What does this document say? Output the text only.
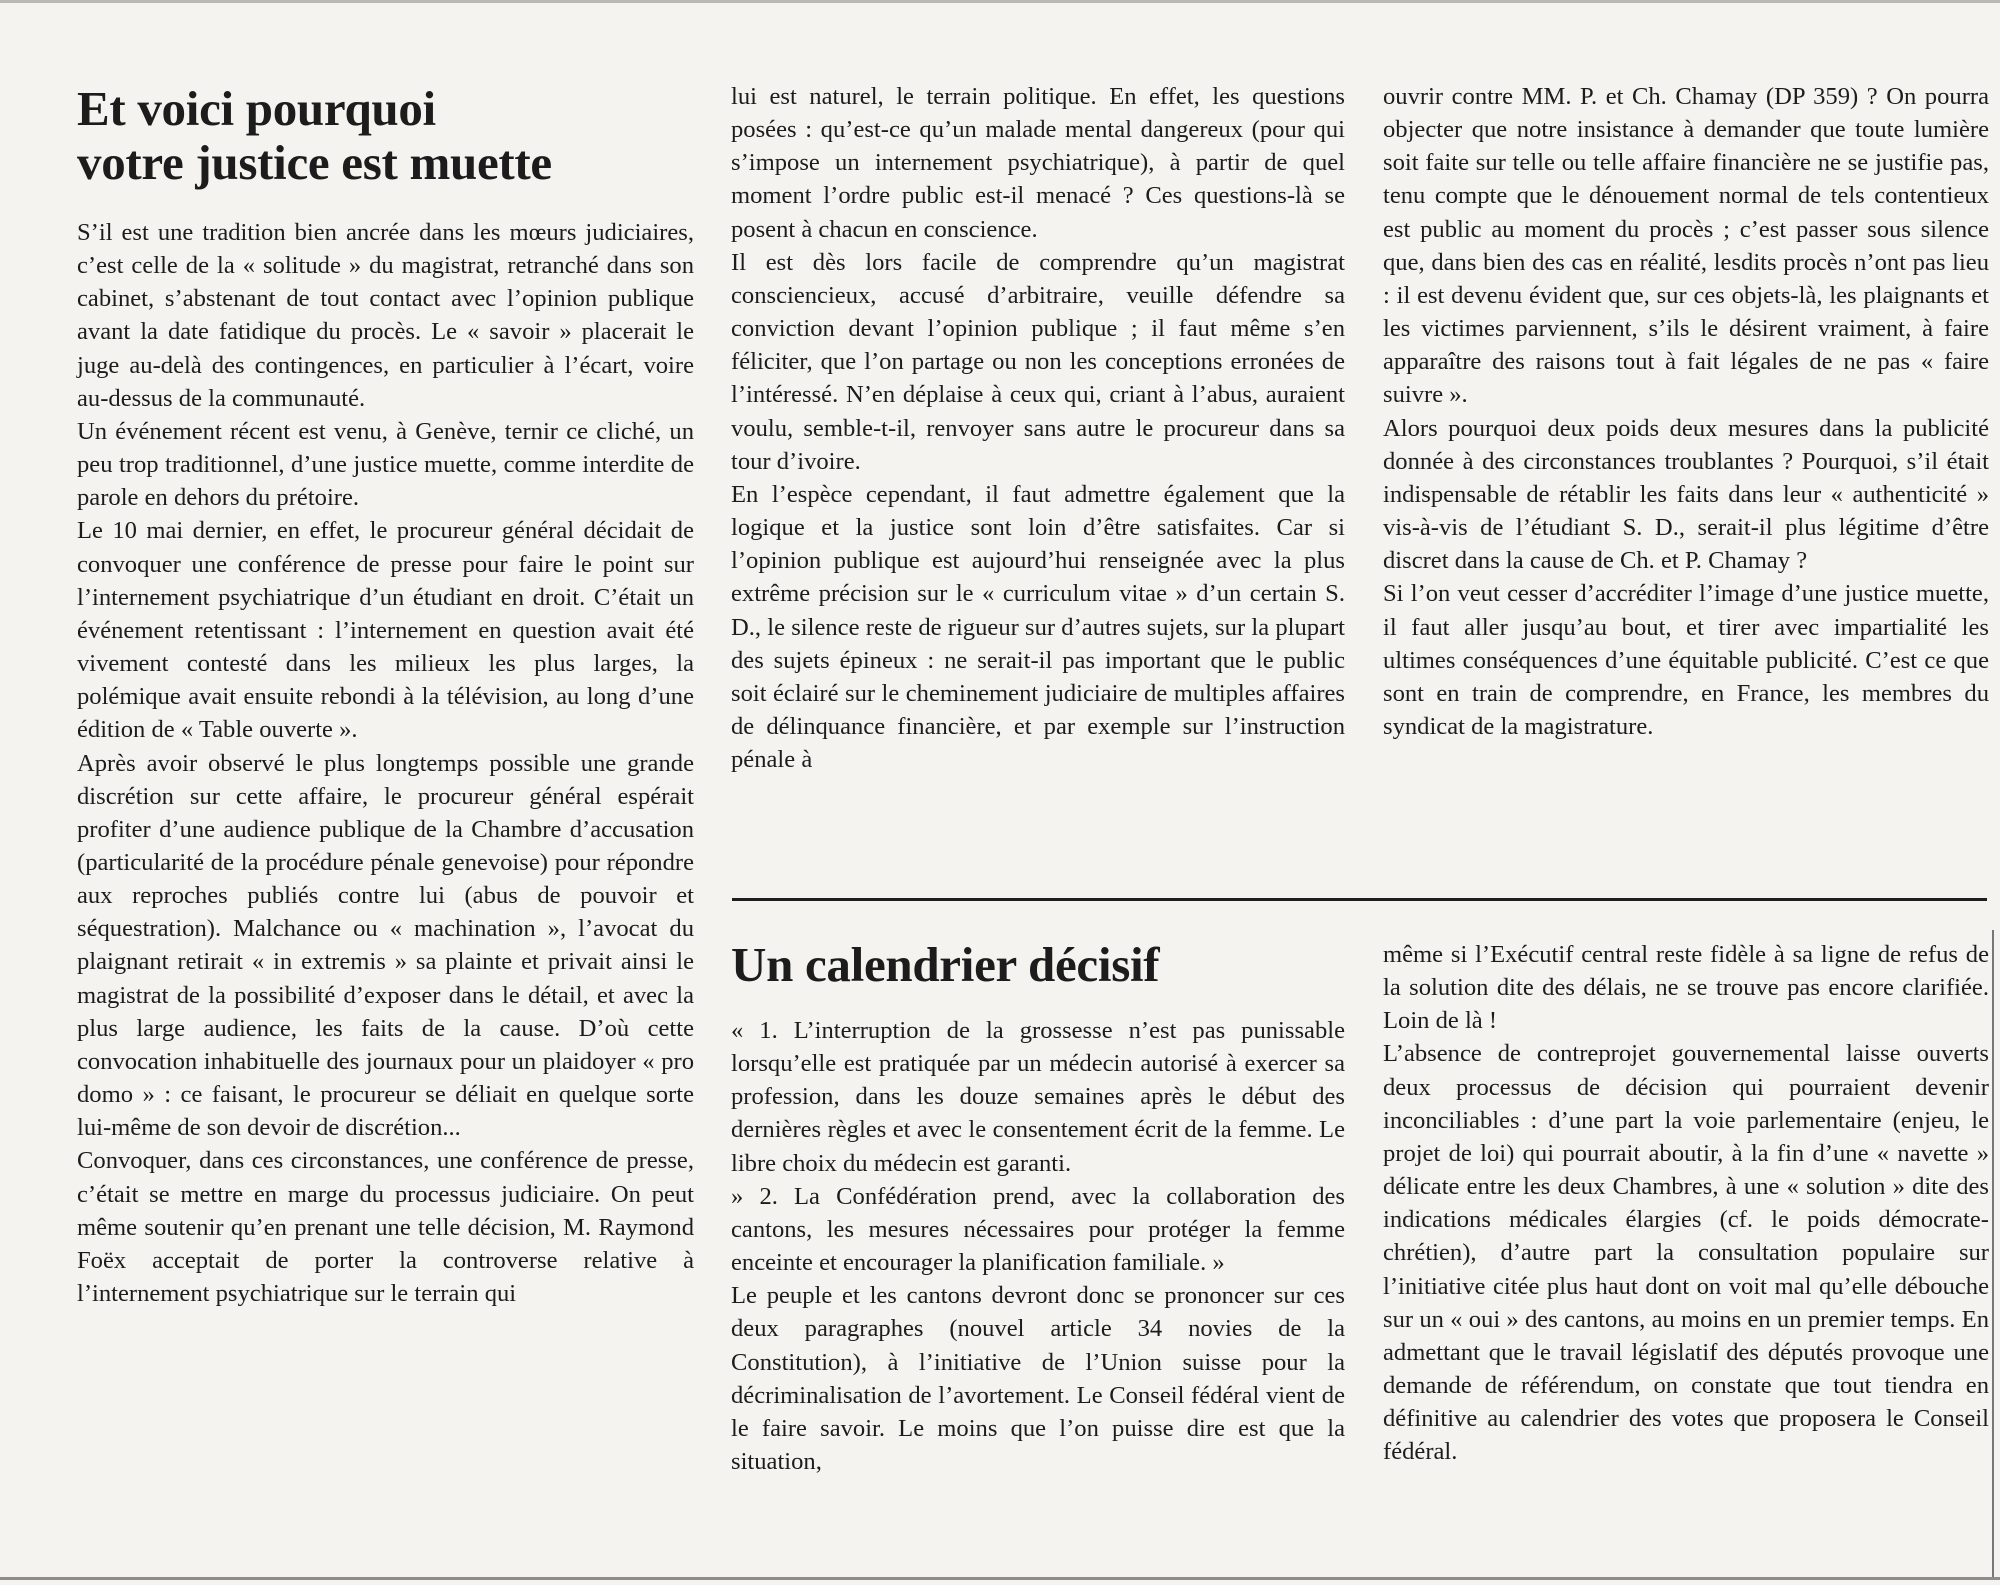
Et voici pourquoi
votre justice est muette

S’il est une tradition bien ancrée dans les mœurs judiciaires, c’est celle de la « solitude » du magistrat, retranché dans son cabinet, s’abstenant de tout contact avec l’opinion publique avant la date fatidique du procès. Le « savoir » placerait le juge au-delà des contingences, en particulier à l’écart, voire au-dessus de la communauté.

Un événement récent est venu, à Genève, ternir ce cliché, un peu trop traditionnel, d’une justice muette, comme interdite de parole en dehors du prétoire.

Le 10 mai dernier, en effet, le procureur général décidait de convoquer une conférence de presse pour faire le point sur l’internement psychiatrique d’un étudiant en droit. C’était un événement retentissant : l’internement en question avait été vivement contesté dans les milieux les plus larges, la polémique avait ensuite rebondi à la télévision, au long d’une édition de « Table ouverte ».

Après avoir observé le plus longtemps possible une grande discrétion sur cette affaire, le procureur général espérait profiter d’une audience publique de la Chambre d’accusation (particularité de la procédure pénale genevoise) pour répondre aux reproches publiés contre lui (abus de pouvoir et séquestration). Malchance ou « machination », l’avocat du plaignant retirait « in extremis » sa plainte et privait ainsi le magistrat de la possibilité d’exposer dans le détail, et avec la plus large audience, les faits de la cause. D’où cette convocation inhabituelle des journaux pour un plaidoyer « pro domo » : ce faisant, le procureur se déliait en quelque sorte lui-même de son devoir de discrétion...

Convoquer, dans ces circonstances, une conférence de presse, c’était se mettre en marge du processus judiciaire. On peut même soutenir qu’en prenant une telle décision, M. Raymond Foëx acceptait de porter la controverse relative à l’internement psychiatrique sur le terrain qui

lui est naturel, le terrain politique. En effet, les questions posées : qu’est-ce qu’un malade mental dangereux (pour qui s’impose un internement psychiatrique), à partir de quel moment l’ordre public est-il menacé ? Ces questions-là se posent à chacun en conscience.

Il est dès lors facile de comprendre qu’un magistrat consciencieux, accusé d’arbitraire, veuille défendre sa conviction devant l’opinion publique ; il faut même s’en féliciter, que l’on partage ou non les conceptions erronées de l’intéressé. N’en déplaise à ceux qui, criant à l’abus, auraient voulu, semble-t-il, renvoyer sans autre le procureur dans sa tour d’ivoire.

En l’espèce cependant, il faut admettre également que la logique et la justice sont loin d’être satisfaites. Car si l’opinion publique est aujourd’hui renseignée avec la plus extrême précision sur le « curriculum vitae » d’un certain S. D., le silence reste de rigueur sur d’autres sujets, sur la plupart des sujets épineux : ne serait-il pas important que le public soit éclairé sur le cheminement judiciaire de multiples affaires de délinquance financière, et par exemple sur l’instruction pénale à

ouvrir contre MM. P. et Ch. Chamay (DP 359) ? On pourra objecter que notre insistance à demander que toute lumière soit faite sur telle ou telle affaire financière ne se justifie pas, tenu compte que le dénouement normal de tels contentieux est public au moment du procès ; c’est passer sous silence que, dans bien des cas en réalité, lesdits procès n’ont pas lieu : il est devenu évident que, sur ces objets-là, les plaignants et les victimes parviennent, s’ils le désirent vraiment, à faire apparaître des raisons tout à fait légales de ne pas « faire suivre ».

Alors pourquoi deux poids deux mesures dans la publicité donnée à des circonstances troublantes ? Pourquoi, s’il était indispensable de rétablir les faits dans leur « authenticité » vis-à-vis de l’étudiant S. D., serait-il plus légitime d’être discret dans la cause de Ch. et P. Chamay ?

Si l’on veut cesser d’accréditer l’image d’une justice muette, il faut aller jusqu’au bout, et tirer avec impartialité les ultimes conséquences d’une équitable publicité. C’est ce que sont en train de comprendre, en France, les membres du syndicat de la magistrature.

Un calendrier décisif

« 1. L’interruption de la grossesse n’est pas punissable lorsqu’elle est pratiquée par un médecin autorisé à exercer sa profession, dans les douze semaines après le début des dernières règles et avec le consentement écrit de la femme. Le libre choix du médecin est garanti.

» 2. La Confédération prend, avec la collaboration des cantons, les mesures nécessaires pour protéger la femme enceinte et encourager la planification familiale. »

Le peuple et les cantons devront donc se prononcer sur ces deux paragraphes (nouvel article 34 novies de la Constitution), à l’initiative de l’Union suisse pour la décriminalisation de l’avortement. Le Conseil fédéral vient de le faire savoir. Le moins que l’on puisse dire est que la situation,

même si l’Exécutif central reste fidèle à sa ligne de refus de la solution dite des délais, ne se trouve pas encore clarifiée. Loin de là !

L’absence de contreprojet gouvernemental laisse ouverts deux processus de décision qui pourraient devenir inconciliables : d’une part la voie parlementaire (enjeu, le projet de loi) qui pourrait aboutir, à la fin d’une « navette » délicate entre les deux Chambres, à une « solution » dite des indications médicales élargies (cf. le poids démocrate-chrétien), d’autre part la consultation populaire sur l’initiative citée plus haut dont on voit mal qu’elle débouche sur un « oui » des cantons, au moins en un premier temps. En admettant que le travail législatif des députés provoque une demande de référendum, on constate que tout tiendra en définitive au calendrier des votes que proposera le Conseil fédéral.
